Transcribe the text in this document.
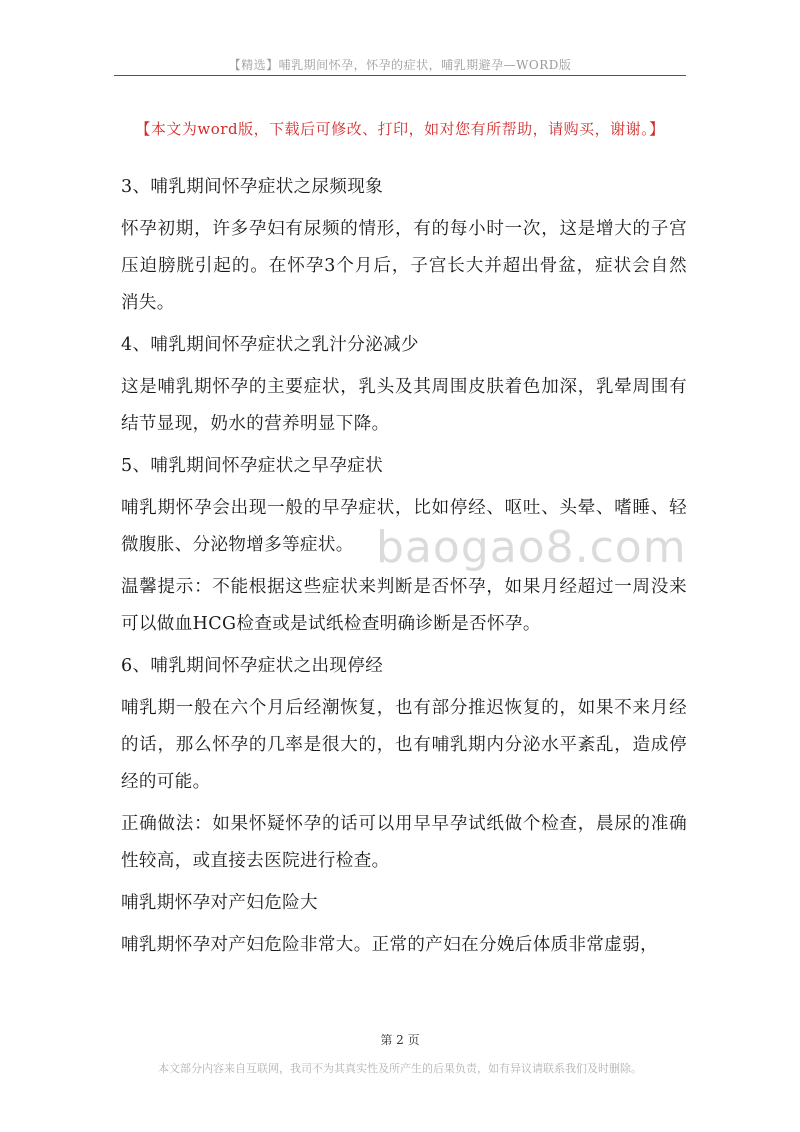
【精选】哺乳期间怀孕，怀孕的症状，哺乳期避孕—WORD版
【本文为word版，下载后可修改、打印，如对您有所帮助，请购买，谢谢。】

3、哺乳期间怀孕症状之尿频现象

怀孕初期，许多孕妇有尿频的情形，有的每小时一次，这是增大的子宫压迫膀胱引起的。在怀孕3个月后，子宫长大并超出骨盆，症状会自然消失。

4、哺乳期间怀孕症状之乳汁分泌减少

这是哺乳期怀孕的主要症状，乳头及其周围皮肤着色加深，乳晕周围有结节显现，奶水的营养明显下降。

5、哺乳期间怀孕症状之早孕症状

哺乳期怀孕会出现一般的早孕症状，比如停经、呕吐、头晕、嗜睡、轻微腹胀、分泌物增多等症状。

温馨提示：不能根据这些症状来判断是否怀孕，如果月经超过一周没来可以做血HCG检查或是试纸检查明确诊断是否怀孕。

6、哺乳期间怀孕症状之出现停经

哺乳期一般在六个月后经潮恢复，也有部分推迟恢复的，如果不来月经的话，那么怀孕的几率是很大的，也有哺乳期内分泌水平紊乱，造成停经的可能。

正确做法：如果怀疑怀孕的话可以用早早孕试纸做个检查，晨尿的准确性较高，或直接去医院进行检查。

哺乳期怀孕对产妇危险大

哺乳期怀孕对产妇危险非常大。正常的产妇在分娩后体质非常虚弱，

baogao8.com
第 2 页
本文部分内容来自互联网，我司不为其真实性及所产生的后果负责，如有异议请联系我们及时删除。
